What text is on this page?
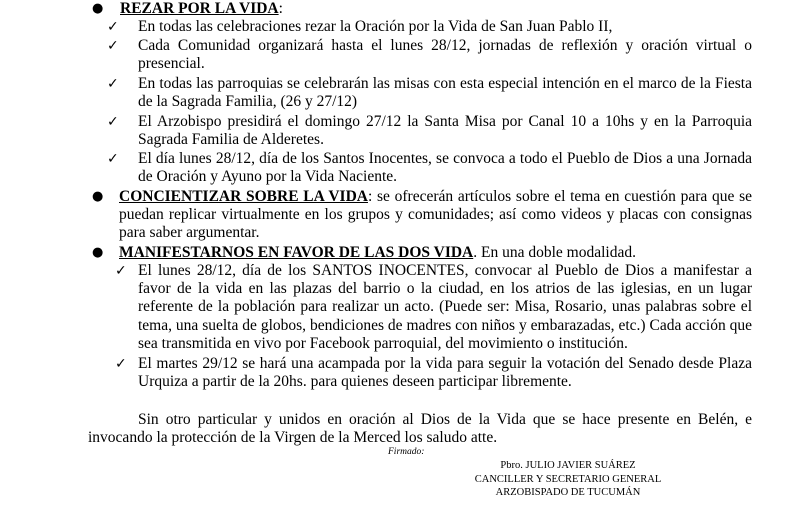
● REZAR POR LA VIDA:

✓ En todas las celebraciones rezar la Oración por la Vida de San Juan Pablo II,

✓ Cada Comunidad organizará hasta el lunes 28/12, jornadas de reflexión y oración virtual o presencial.

✓ En todas las parroquias se celebrarán las misas con esta especial intención en el marco de la Fiesta de la Sagrada Familia, (26 y 27/12)

✓ El Arzobispo presidirá el domingo 27/12 la Santa Misa por Canal 10 a 10hs y en la Parroquia Sagrada Familia de Alderetes.

✓ El día lunes 28/12, día de los Santos Inocentes, se convoca a todo el Pueblo de Dios a una Jornada de Oración y Ayuno por la Vida Naciente.

● CONCIENTIZAR SOBRE LA VIDA: se ofrecerán artículos sobre el tema en cuestión para que se puedan replicar virtualmente en los grupos y comunidades; así como videos y placas con consignas para saber argumentar.

● MANIFESTARNOS EN FAVOR DE LAS DOS VIDA. En una doble modalidad.

✓ El lunes 28/12, día de los SANTOS INOCENTES, convocar al Pueblo de Dios a manifestar a favor de la vida en las plazas del barrio o la ciudad, en los atrios de las iglesias, en un lugar referente de la población para realizar un acto. (Puede ser: Misa, Rosario, unas palabras sobre el tema, una suelta de globos, bendiciones de madres con niños y embarazadas, etc.) Cada acción que sea transmitida en vivo por Facebook parroquial, del movimiento o institución.

✓ El martes 29/12 se hará una acampada por la vida para seguir la votación del Senado desde Plaza Urquiza a partir de la 20hs. para quienes deseen participar libremente.

Sin otro particular y unidos en oración al Dios de la Vida que se hace presente en Belén, e invocando la protección de la Virgen de la Merced los saludo atte.

Firmado:
Pbro. JULIO JAVIER SUÁREZ
CANCILLER Y SECRETARIO GENERAL
ARZOBISPADO DE TUCUMÁN
